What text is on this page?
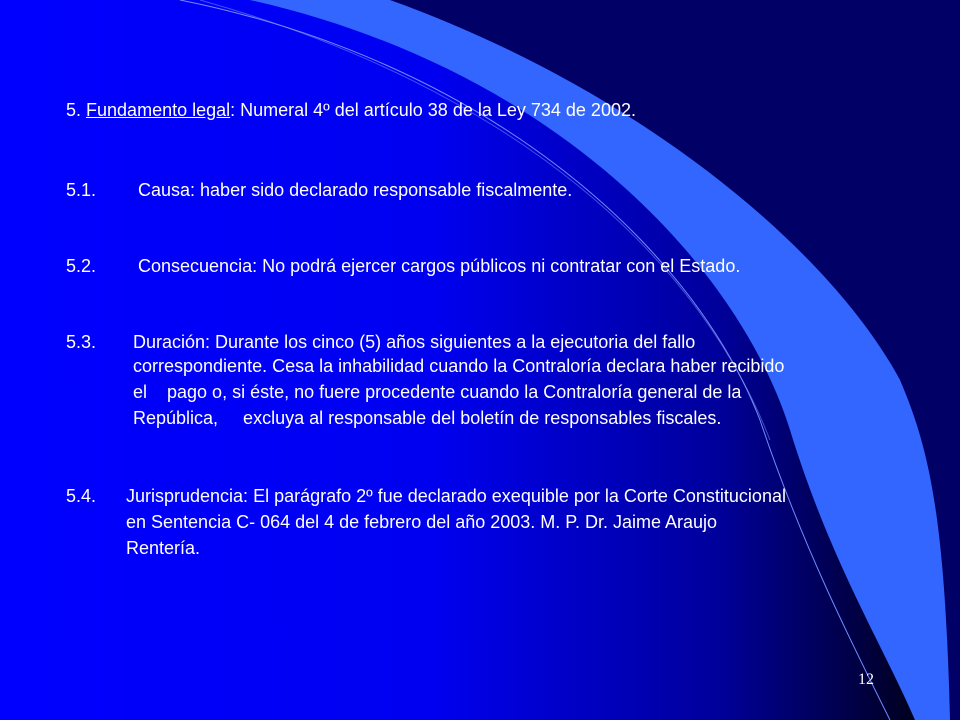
5. Fundamento legal: Numeral 4º del artículo 38 de la Ley 734 de 2002.
5.1. Causa: haber sido declarado responsable fiscalmente.
5.2. Consecuencia: No podrá ejercer cargos públicos ni contratar con el Estado.
5.3. Duración: Durante los cinco (5) años siguientes a la ejecutoria del fallo
correspondiente. Cesa la inhabilidad cuando la Contraloría declara haber recibido
el    pago o, si éste, no fuere procedente cuando la Contraloría general de la
República,     excluya al responsable del boletín de responsables fiscales.
5.4. Jurisprudencia: El parágrafo 2º fue declarado exequible por la Corte Constitucional
en Sentencia C- 064 del 4 de febrero del año 2003. M. P. Dr. Jaime Araujo
Rentería.
12
